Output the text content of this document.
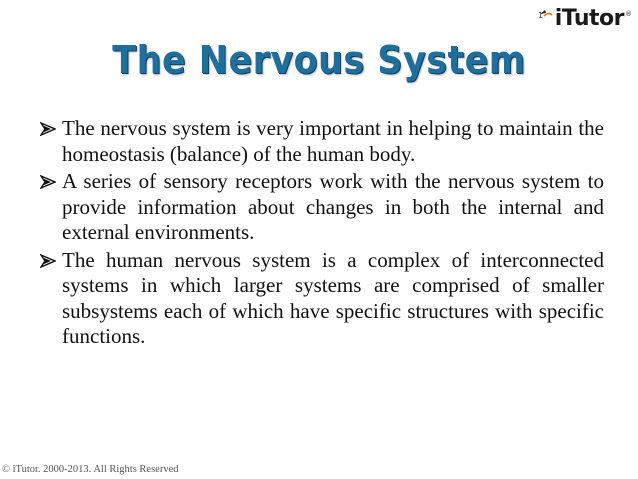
1 iTutor ®
The Nervous System
The nervous system is very important in helping to maintain the homeostasis (balance) of the human body.
A series of sensory receptors work with the nervous system to provide information about changes in both the internal and external environments.
The human nervous system is a complex of interconnected systems in which larger systems are comprised of smaller subsystems each of which have specific structures with specific functions.
© iTutor. 2000-2013. All Rights Reserved
